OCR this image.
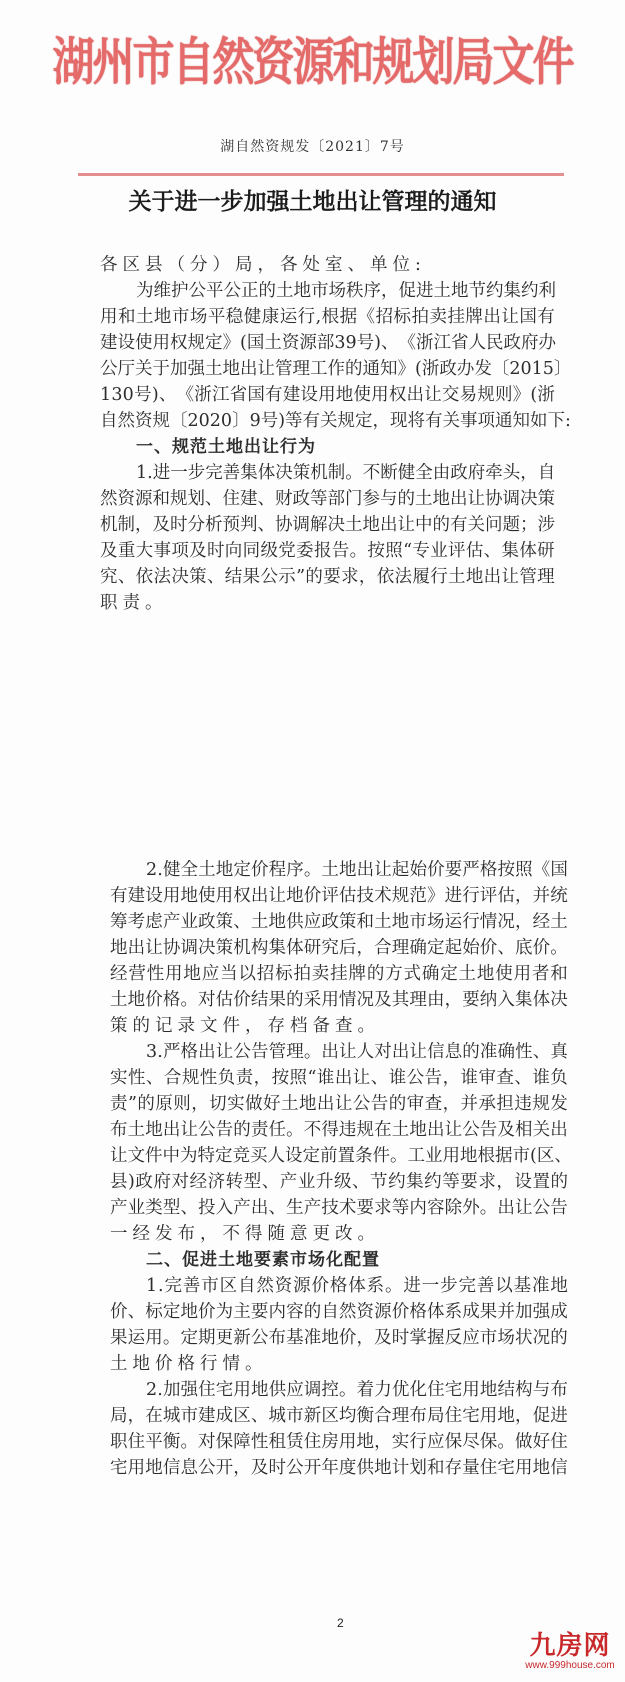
湖州市自然资源和规划局文件
湖自然资规发〔2021〕7号
关于进一步加强土地出让管理的通知
各区县（分）局，各处室、单位:
为 维 护 公 平 公 正 的 土 地 市 场 秩 序 ， 促 进 土 地 节 约 集 约 利
用 和 土 地 市 场 平 稳 健 康 运 行 , 根 据 《 招 标 拍 卖 挂 牌 出 让 国 有
建 设 使 用 权 规 定 》 ( 国 土 资 源 部 3 9 号 ) 、 《 浙 江 省 人 民 政 府 办
公 厅 关 于 加 强 土 地 出 让 管 理 工 作 的 通 知 》 ( 浙 政 办 发 〔 2 0 1 5 〕
1 3 0 号 ) 、 《 浙 江 省 国 有 建 设 用 地 使 用 权 出 让 交 易 规 则 》 ( 浙
自 然 资 规 〔 2 0 2 0 〕 9 号 ) 等 有 关 规 定 ， 现 将 有 关 事 项 通 知 如 下 :
一、规范土地出让行为
1 . 进 一 步 完 善 集 体 决 策 机 制 。 不 断 健 全 由 政 府 牵 头 ， 自
然 资 源 和 规 划 、 住 建 、 财 政 等 部 门 参 与 的 土 地 出 让 协 调 决 策
机 制 ， 及 时 分 析 预 判 、 协 调 解 决 土 地 出 让 中 的 有 关 问 题 ； 涉
及 重 大 事 项 及 时 向 同 级 党 委 报 告 。 按 照 “ 专 业 评 估 、 集 体 研
究 、 依 法 决 策 、 结 果 公 示 ” 的 要 求 ， 依 法 履 行 土 地 出 让 管 理
职责。
2 . 健 全 土 地 定 价 程 序 。 土 地 出 让 起 始 价 要 严 格 按 照 《 国
有 建 设 用 地 使 用 权 出 让 地 价 评 估 技 术 规 范 》 进 行 评 估 ， 并 统
筹 考 虑 产 业 政 策 、 土 地 供 应 政 策 和 土 地 市 场 运 行 情 况 ， 经 土
地 出 让 协 调 决 策 机 构 集 体 研 究 后 ， 合 理 确 定 起 始 价 、 底 价 。
经 营 性 用 地 应 当 以 招 标 拍 卖 挂 牌 的 方 式 确 定 土 地 使 用 者 和
土 地 价 格 。 对 估 价 结 果 的 采 用 情 况 及 其 理 由 ， 要 纳 入 集 体 决
策的记录文件，存档备查。
3 . 严 格 出 让 公 告 管 理 。 出 让 人 对 出 让 信 息 的 准 确 性 、 真
实 性 、 合 规 性 负 责 ， 按 照 “ 谁 出 让 、 谁 公 告 ， 谁 审 查 、 谁 负
责 ” 的 原 则 ， 切 实 做 好 土 地 出 让 公 告 的 审 查 ， 并 承 担 违 规 发
布 土 地 出 让 公 告 的 责 任 。 不 得 违 规 在 土 地 出 让 公 告 及 相 关 出
让 文 件 中 为 特 定 竞 买 人 设 定 前 置 条 件 。 工 业 用 地 根 据 市 ( 区 、
县 ) 政 府 对 经 济 转 型 、 产 业 升 级 、 节 约 集 约 等 要 求 ， 设 置 的
产 业 类 型 、 投 入 产 出 、 生 产 技 术 要 求 等 内 容 除 外 。 出 让 公 告
一经发布，不得随意更改。
二、促进土地要素市场化配置
1 . 完 善 市 区 自 然 资 源 价 格 体 系 。 进 一 步 完 善 以 基 准 地
价 、 标 定 地 价 为 主 要 内 容 的 自 然 资 源 价 格 体 系 成 果 并 加 强 成
果 运 用 。 定 期 更 新 公 布 基 准 地 价 ， 及 时 掌 握 反 应 市 场 状 况 的
土地价格行情。
2 . 加 强 住 宅 用 地 供 应 调 控 。 着 力 优 化 住 宅 用 地 结 构 与 布
局 ， 在 城 市 建 成 区 、 城 市 新 区 均 衡 合 理 布 局 住 宅 用 地 ， 促 进
职 住 平 衡 。 对 保 障 性 租 赁 住 房 用 地 ， 实 行 应 保 尽 保 。 做 好 住
宅 用 地 信 息 公 开 ， 及 时 公 开 年 度 供 地 计 划 和 存 量 住 宅 用 地 信
2
九房网
www.999house.com
